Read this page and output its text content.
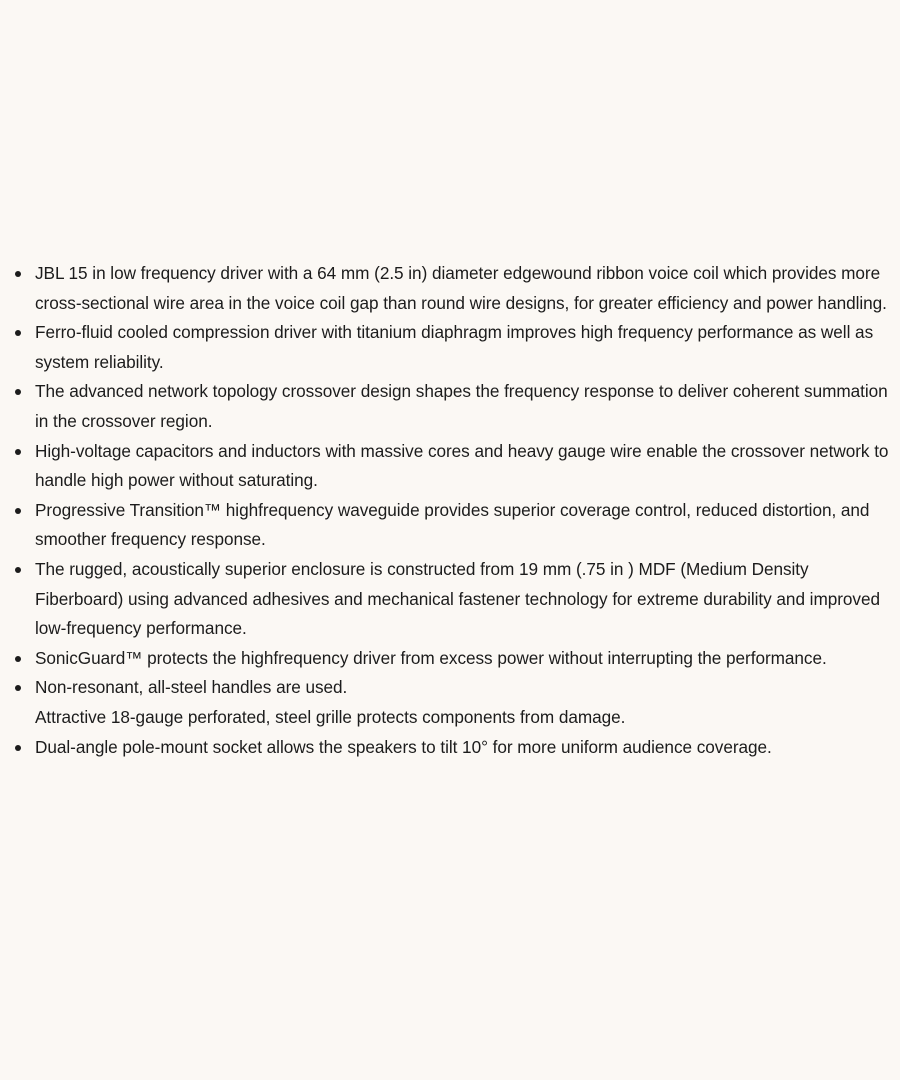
JBL 15 in low frequency driver with a 64 mm (2.5 in) diameter edgewound ribbon voice coil which provides more cross-sectional wire area in the voice coil gap than round wire designs, for greater efficiency and power handling.
Ferro-fluid cooled compression driver with titanium diaphragm improves high frequency performance as well as system reliability.
The advanced network topology crossover design shapes the frequency response to deliver coherent summation in the crossover region.
High-voltage capacitors and inductors with massive cores and heavy gauge wire enable the crossover network to handle high power without saturating.
Progressive Transition™ highfrequency waveguide provides superior coverage control, reduced distortion, and smoother frequency response.
The rugged, acoustically superior enclosure is constructed from 19 mm (.75 in ) MDF (Medium Density Fiberboard) using advanced adhesives and mechanical fastener technology for extreme durability and improved low-frequency performance.
SonicGuard™ protects the highfrequency driver from excess power without interrupting the performance.
Non-resonant, all-steel handles are used.
Attractive 18-gauge perforated, steel grille protects components from damage.
Dual-angle pole-mount socket allows the speakers to tilt 10° for more uniform audience coverage.
